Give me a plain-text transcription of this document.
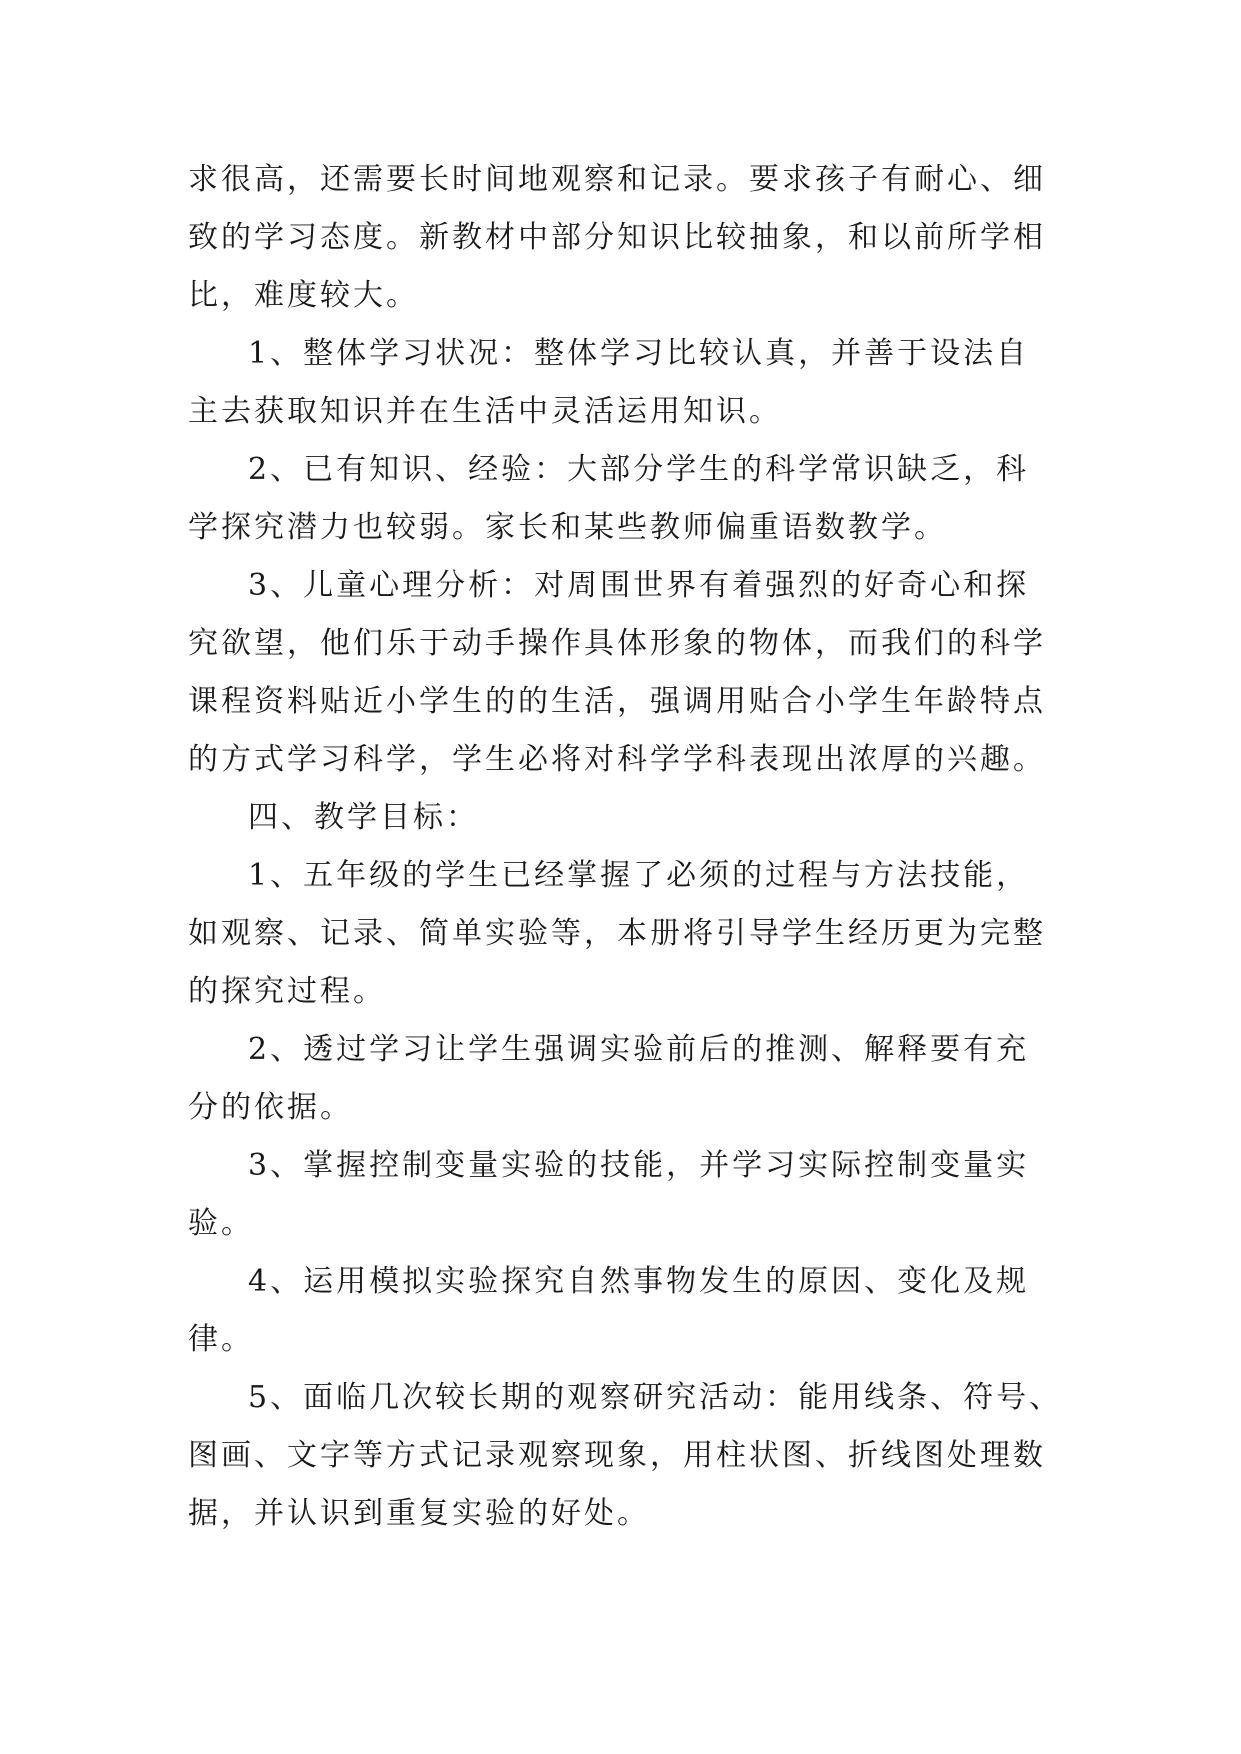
求很高，还需要长时间地观察和记录。要求孩子有耐心、细
致的学习态度。新教材中部分知识比较抽象，和以前所学相
比，难度较大。
1、整体学习状况：整体学习比较认真，并善于设法自
主去获取知识并在生活中灵活运用知识。
2、已有知识、经验：大部分学生的科学常识缺乏，科
学探究潜力也较弱。家长和某些教师偏重语数教学。
3、儿童心理分析：对周围世界有着强烈的好奇心和探
究欲望，他们乐于动手操作具体形象的物体，而我们的科学
课程资料贴近小学生的的生活，强调用贴合小学生年龄特点
的方式学习科学，学生必将对科学学科表现出浓厚的兴趣。
四、教学目标：
1、五年级的学生已经掌握了必须的过程与方法技能，
如观察、记录、简单实验等，本册将引导学生经历更为完整
的探究过程。
2、透过学习让学生强调实验前后的推测、解释要有充
分的依据。
3、掌握控制变量实验的技能，并学习实际控制变量实
验。
4、运用模拟实验探究自然事物发生的原因、变化及规
律。
5、面临几次较长期的观察研究活动：能用线条、符号、
图画、文字等方式记录观察现象，用柱状图、折线图处理数
据，并认识到重复实验的好处。
